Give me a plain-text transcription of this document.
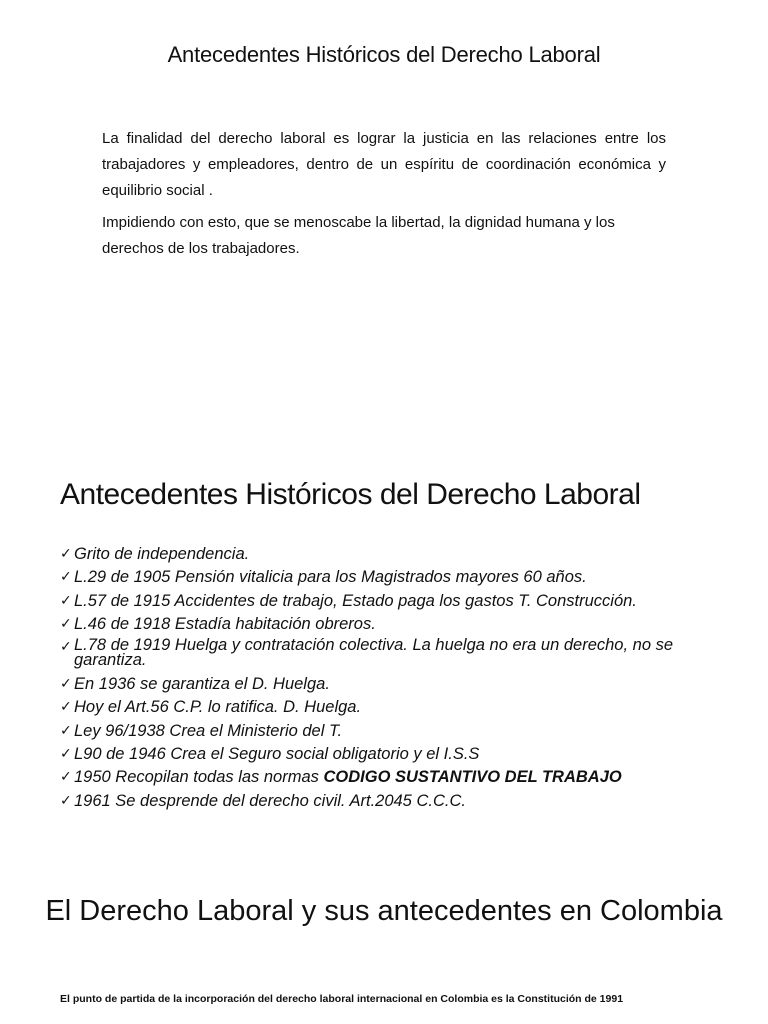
Antecedentes Históricos del Derecho Laboral

La finalidad del derecho laboral es lograr la justicia en las relaciones entre los trabajadores y empleadores, dentro de un espíritu de coordinación económica y equilibrio social .

Impidiendo con esto, que se menoscabe la libertad, la dignidad humana y los derechos de los trabajadores.

Antecedentes Históricos del Derecho Laboral
✓ Grito de independencia.
✓ L.29 de 1905 Pensión vitalicia para los Magistrados mayores 60 años.
✓ L.57 de 1915 Accidentes de trabajo, Estado paga los gastos T. Construcción.
✓ L.46 de 1918 Estadía habitación obreros.
✓ L.78 de 1919 Huelga y contratación colectiva. La huelga no era un derecho, no se garantiza.
✓ En 1936 se garantiza el D. Huelga.
✓ Hoy el Art.56 C.P. lo ratifica. D. Huelga.
✓ Ley 96/1938 Crea el Ministerio del T.
✓ L90 de 1946 Crea el Seguro social obligatorio y el I.S.S
✓ 1950 Recopilan todas las normas CODIGO SUSTANTIVO DEL TRABAJO
✓ 1961 Se desprende del derecho civil. Art.2045 C.C.C.
El Derecho Laboral y sus antecedentes en Colombia
El punto de partida de la incorporación del derecho laboral internacional en Colombia es la Constitución de 1991
